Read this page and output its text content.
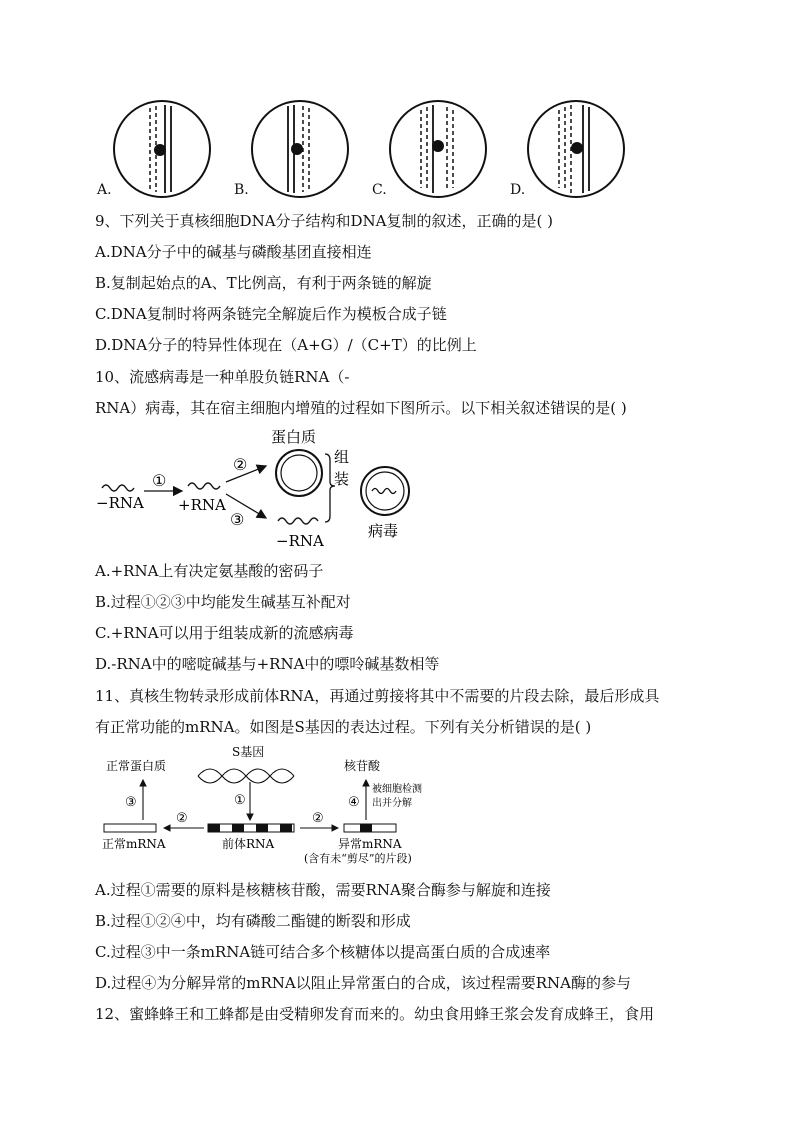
A.	B.	C.	D.
9、下列关于真核细胞DNA分子结构和DNA复制的叙述，正确的是( )
A.DNA分子中的碱基与磷酸基团直接相连
B.复制起始点的A、T比例高，有利于两条链的解旋
C.DNA复制时将两条链完全解旋后作为模板合成子链
D.DNA分子的特异性体现在（A+G）/（C+T）的比例上
10、流感病毒是一种单股负链RNA（-
RNA）病毒，其在宿主细胞内增殖的过程如下图所示。以下相关叙述错误的是( )
−RNA
①
+RNA
②
③
蛋白质
−RNA
组
装
病毒
A.+RNA上有决定氨基酸的密码子
B.过程①②③中均能发生碱基互补配对
C.+RNA可以用于组装成新的流感病毒
D.-RNA中的嘧啶碱基与+RNA中的嘌呤碱基数相等
11、真核生物转录形成前体RNA，再通过剪接将其中不需要的片段去除，最后形成具
有正常功能的mRNA。如图是S基因的表达过程。下列有关分析错误的是( )
S基因
①
正常蛋白质
③
正常mRNA
②
前体RNA
②
异常mRNA
(含有未“剪尽”的片段)
核苷酸
④
被细胞检测
出并分解
A.过程①需要的原料是核糖核苷酸，需要RNA聚合酶参与解旋和连接
B.过程①②④中，均有磷酸二酯键的断裂和形成
C.过程③中一条mRNA链可结合多个核糖体以提高蛋白质的合成速率
D.过程④为分解异常的mRNA以阻止异常蛋白的合成，该过程需要RNA酶的参与
12、蜜蜂蜂王和工蜂都是由受精卵发育而来的。幼虫食用蜂王浆会发育成蜂王，食用
